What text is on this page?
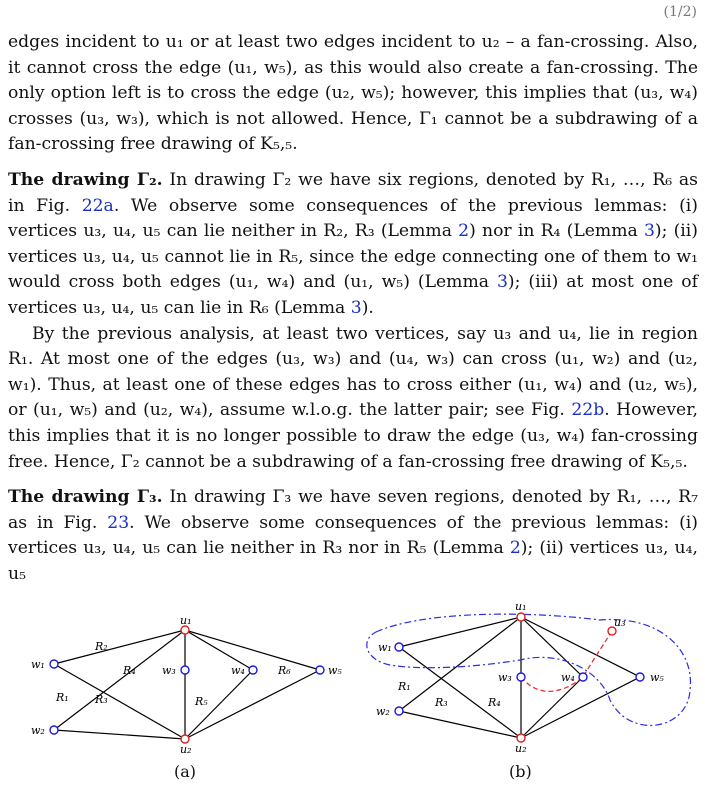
(1/2)

edges incident to u₁ or at least two edges incident to u₂ – a fan-crossing. Also, it cannot cross the edge (u₁, w₅), as this would also create a fan-crossing. The only option left is to cross the edge (u₂, w₅); however, this implies that (u₃, w₄) crosses (u₃, w₃), which is not allowed. Hence, Γ₁ cannot be a subdrawing of a fan-crossing free drawing of K₅,₅.

The drawing Γ₂. In drawing Γ₂ we have six regions, denoted by R₁, …, R₆ as in Fig. 22a. We observe some consequences of the previous lemmas: (i) vertices u₃, u₄, u₅ can lie neither in R₂, R₃ (Lemma 2) nor in R₄ (Lemma 3); (ii) vertices u₃, u₄, u₅ cannot lie in R₅, since the edge connecting one of them to w₁ would cross both edges (u₁, w₄) and (u₁, w₅) (Lemma 3); (iii) at most one of vertices u₃, u₄, u₅ can lie in R₆ (Lemma 3).

By the previous analysis, at least two vertices, say u₃ and u₄, lie in region R₁. At most one of the edges (u₃, w₃) and (u₄, w₃) can cross (u₁, w₂) and (u₂, w₁). Thus, at least one of these edges has to cross either (u₁, w₄) and (u₂, w₅), or (u₁, w₅) and (u₂, w₄), assume w.l.o.g. the latter pair; see Fig. 22b. However, this implies that it is no longer possible to draw the edge (u₃, w₄) fan-crossing free. Hence, Γ₂ cannot be a subdrawing of a fan-crossing free drawing of K₅,₅.

The drawing Γ₃. In drawing Γ₃ we have seven regions, denoted by R₁, …, R₇ as in Fig. 23. We observe some consequences of the previous lemmas: (i) vertices u₃, u₄, u₅ can lie neither in R₃ nor in R₅ (Lemma 2); (ii) vertices u₃, u₄, u₅

u₁
u₂
w₁
w₂
w₃	w₄	w₅
R₁
R₂
R₃
R₄
R₅
R₆
u₁
u₂
u₃
w₁
w₂
w₃	w₄	w₅
R₁
R₃	R₄
(a)	(b)
